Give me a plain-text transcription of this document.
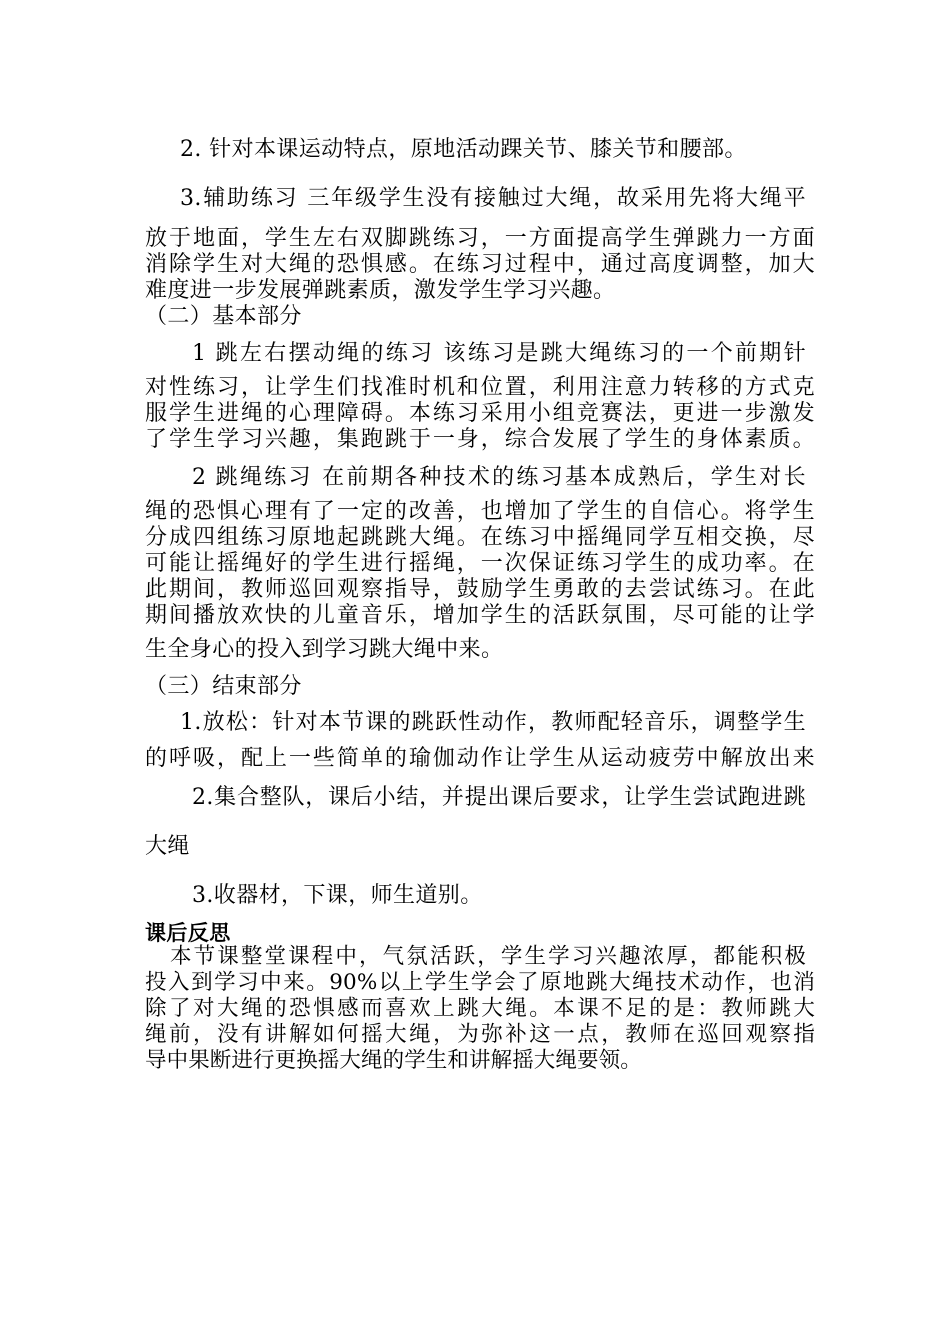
2. 针对本课运动特点，原地活动踝关节、膝关节和腰部。
3.辅助练习 三年级学生没有接触过大绳，故采用先将大绳平
放于地面，学生左右双脚跳练习，一方面提高学生弹跳力一方面
消除学生对大绳的恐惧感。在练习过程中，通过高度调整，加大
难度进一步发展弹跳素质，激发学生学习兴趣。
（二）基本部分
1 跳左右摆动绳的练习 该练习是跳大绳练习的一个前期针
对性练习，让学生们找准时机和位置，利用注意力转移的方式克
服学生进绳的心理障碍。本练习采用小组竞赛法，更进一步激发
了学生学习兴趣，集跑跳于一身，综合发展了学生的身体素质。
2 跳绳练习 在前期各种技术的练习基本成熟后，学生对长
绳的恐惧心理有了一定的改善，也增加了学生的自信心。将学生
分成四组练习原地起跳跳大绳。在练习中摇绳同学互相交换，尽
可能让摇绳好的学生进行摇绳，一次保证练习学生的成功率。在
此期间，教师巡回观察指导，鼓励学生勇敢的去尝试练习。在此
期间播放欢快的儿童音乐，增加学生的活跃氛围，尽可能的让学
生全身心的投入到学习跳大绳中来。
（三）结束部分
1.放松：针对本节课的跳跃性动作，教师配轻音乐，调整学生
的呼吸，配上一些简单的瑜伽动作让学生从运动疲劳中解放出来
2.集合整队，课后小结，并提出课后要求，让学生尝试跑进跳
大绳
3.收器材，下课，师生道别。
课后反思
本节课整堂课程中，气氛活跃，学生学习兴趣浓厚，都能积极
投入到学习中来。90%以上学生学会了原地跳大绳技术动作，也消
除了对大绳的恐惧感而喜欢上跳大绳。本课不足的是：教师跳大
绳前，没有讲解如何摇大绳，为弥补这一点，教师在巡回观察指
导中果断进行更换摇大绳的学生和讲解摇大绳要领。
